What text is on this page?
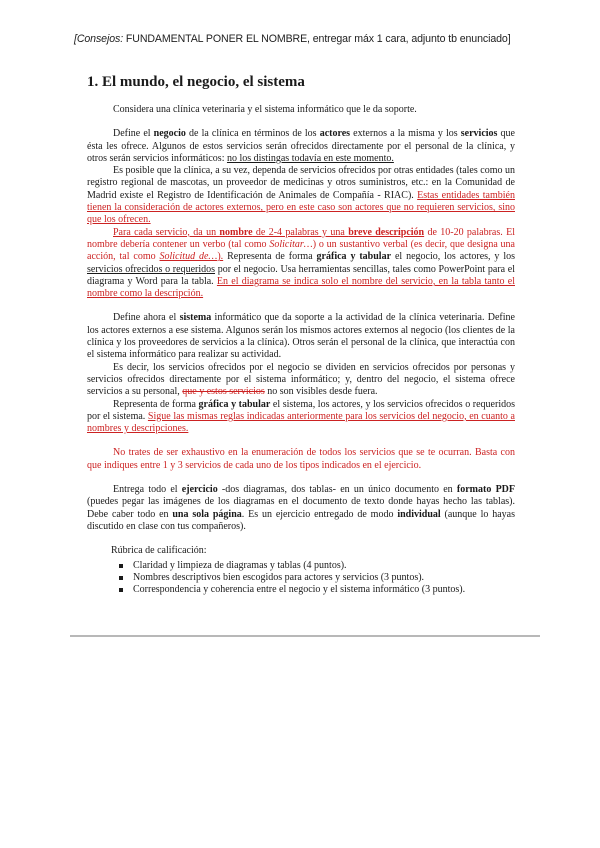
[Consejos: FUNDAMENTAL PONER EL NOMBRE, entregar máx 1 cara, adjunto tb enunciado]
1. El mundo, el negocio, el sistema

Considera una clínica veterinaria y el sistema informático que le da soporte.

Define el negocio de la clínica en términos de los actores externos a la misma y los servicios que ésta les ofrece. Algunos de estos servicios serán ofrecidos directamente por el personal de la clínica, y otros serán servicios informáticos: no los distingas todavía en este momento.

Es posible que la clínica, a su vez, dependa de servicios ofrecidos por otras entidades (tales como un registro regional de mascotas, un proveedor de medicinas y otros suministros, etc.: en la Comunidad de Madrid existe el Registro de Identificación de Animales de Compañía - RIAC). Estas entidades también tienen la consideración de actores externos, pero en este caso son actores que no requieren servicios, sino que los ofrecen.

Para cada servicio, da un nombre de 2-4 palabras y una breve descripción de 10-20 palabras. El nombre debería contener un verbo (tal como Solicitar…) o un sustantivo verbal (es decir, que designa una acción, tal como Solicitud de…). Representa de forma gráfica y tabular el negocio, los actores, y los servicios ofrecidos o requeridos por el negocio. Usa herramientas sencillas, tales como PowerPoint para el diagrama y Word para la tabla. En el diagrama se indica solo el nombre del servicio, en la tabla tanto el nombre como la descripción.

Define ahora el sistema informático que da soporte a la actividad de la clínica veterinaria. Define los actores externos a ese sistema. Algunos serán los mismos actores externos al negocio (los clientes de la clínica y los proveedores de servicios a la clínica). Otros serán el personal de la clínica, que interactúa con el sistema informático para realizar su actividad.

Es decir, los servicios ofrecidos por el negocio se dividen en servicios ofrecidos por personas y servicios ofrecidos directamente por el sistema informático; y, dentro del negocio, el sistema ofrece servicios a su personal, que y estos servicios no son visibles desde fuera.

Representa de forma gráfica y tabular el sistema, los actores, y los servicios ofrecidos o requeridos por el sistema. Sigue las mismas reglas indicadas anteriormente para los servicios del negocio, en cuanto a nombres y descripciones.

No trates de ser exhaustivo en la enumeración de todos los servicios que se te ocurran. Basta con que indiques entre 1 y 3 servicios de cada uno de los tipos indicados en el ejercicio.

Entrega todo el ejercicio -dos diagramas, dos tablas- en un único documento en formato PDF (puedes pegar las imágenes de los diagramas en el documento de texto donde hayas hecho las tablas). Debe caber todo en una sola página. Es un ejercicio entregado de modo individual (aunque lo hayas discutido en clase con tus compañeros).

Rúbrica de calificación:

Claridad y limpieza de diagramas y tablas (4 puntos).
Nombres descriptivos bien escogidos para actores y servicios (3 puntos).
Correspondencia y coherencia entre el negocio y el sistema informático (3 puntos).
